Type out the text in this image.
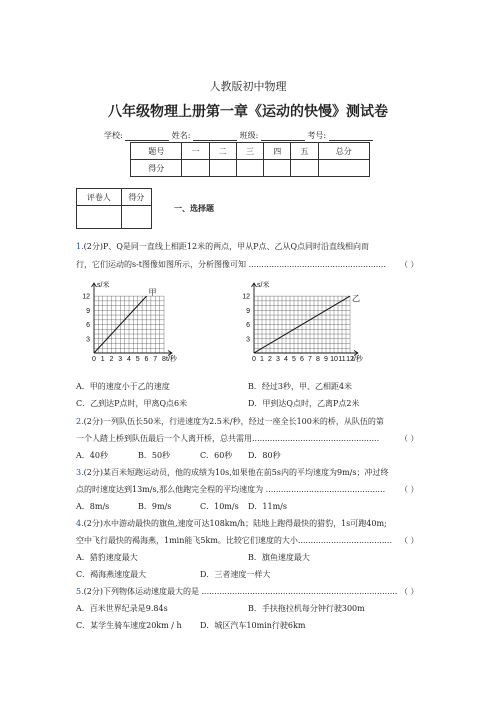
人教版初中物理
八年级物理上册第一章《运动的快慢》测试卷
学校:	姓名:	班级:	考号:
题号	一	二	三	四	五	总分
得分						
评卷人	得分

一、选择题
1.(2分)P、Q是同一直线上相距12米的两点，甲从P点、乙从Q点同时沿直线相向而
行，它们运动的s-t图像如图所示，分析图像可知 ...................................................... （ ）
s/米
t/秒
0 1 2 3 4 5 6 7 8
3
6
9
12	甲
s/米
t/秒
0 1 2 3 4 5 6 7 8 9 10 11 12
3
6
9
12	乙
A．甲的速度小于乙的速度	B．经过3秒，甲、乙相距4米
C．乙到达P点时，甲离Q点6米	D．甲到达Q点时，乙离P点2米
2.(2分)一列队伍长50米，行进速度为2.5米/秒，经过一座全长100米的桥，从队伍的第
一个人踏上桥到队伍最后一个人离开桥，总共需用..................................................	（ ）
A．40秒	B．50秒	C．60秒 D．80秒
3.(2分)某百米短跑运动员，他的成绩为10s,如果他在前5s内的平均速度为9m/s；冲过终
点的时速度达到13m/s,那么他跑完全程的平均速度为 ............................................... （ ）
A．8m/s	B．9m/s	C．10m/s D．11m/s
4.(2分)水中游动最快的旗鱼,速度可达108km/h；陆地上跑得最快的猎豹，1s可跑40m;
空中飞行最快的褐海燕，1min能飞5km。比较它们速度的大小..................................... （ ）
A．猎豹速度最大	B．旗鱼速度最大
C．褐海燕速度最大	D．三者速度一样大
5.(2分)下列物体运动速度最大的是 ............................................................................. （ ）
A．百米世界纪录是9.84s	B．手扶拖拉机每分钟行驶300m
C．某学生骑车速度20km / h D．城区汽车10min行驶6km
